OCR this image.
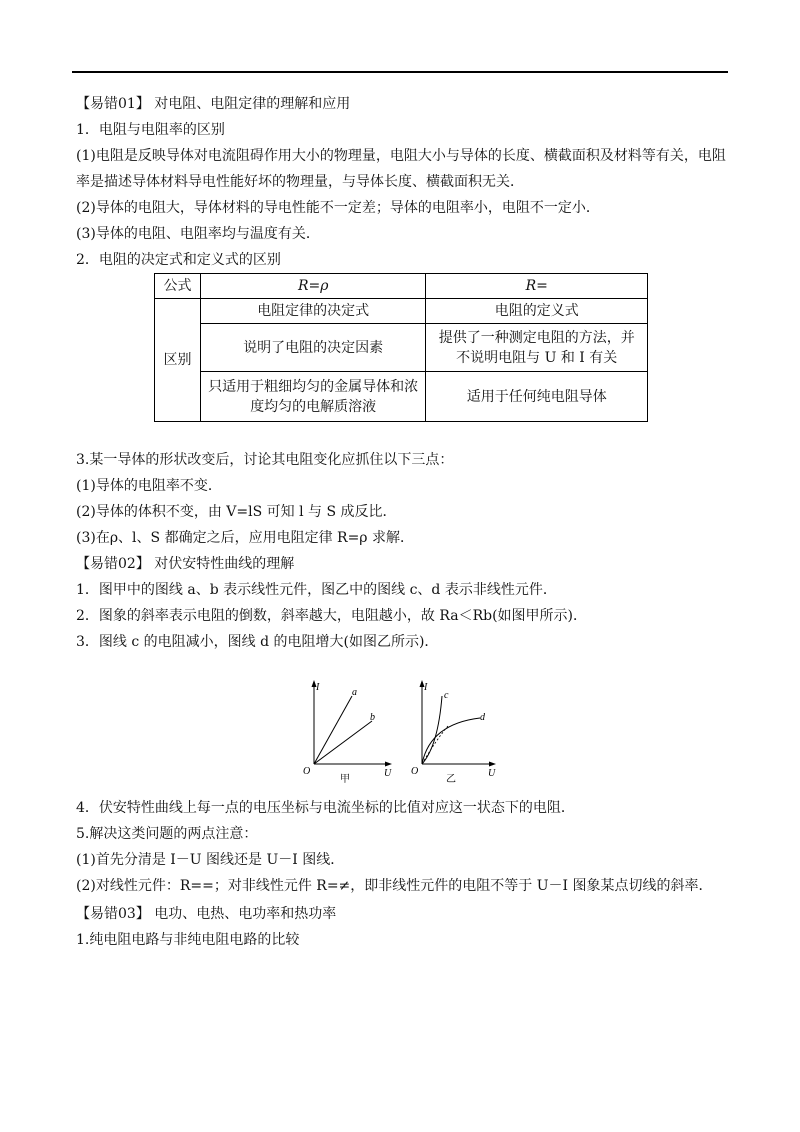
【易错01】 对电阻、电阻定律的理解和应用
1．电阻与电阻率的区别
(1)电阻是反映导体对电流阻碍作用大小的物理量，电阻大小与导体的长度、横截面积及材料等有关，电阻
率是描述导体材料导电性能好坏的物理量，与导体长度、横截面积无关．
(2)导体的电阻大，导体材料的导电性能不一定差；导体的电阻率小，电阻不一定小．
(3)导体的电阻、电阻率均与温度有关．
2．电阻的决定式和定义式的区别
公式	R=ρ	R=
区别	电阻定律的决定式	电阻的定义式
	说明了电阻的决定因素	提供了一种测定电阻的方法，并
不说明电阻与 U 和 I 有关

	只适用于粗细均匀的金属导体和浓
度均匀的电解质溶液	适用于任何纯电阻导体
3.某一导体的形状改变后，讨论其电阻变化应抓住以下三点：
(1)导体的电阻率不变．
(2)导体的体积不变，由 V=lS 可知 l 与 S 成反比．
(3)在ρ、l、S 都确定之后，应用电阻定律 R=ρ 求解．
【易错02】 对伏安特性曲线的理解
1．图甲中的图线 a、b 表示线性元件，图乙中的图线 c、d 表示非线性元件．
2．图象的斜率表示电阻的倒数，斜率越大，电阻越小，故 Ra＜Rb(如图甲所示)．
3．图线 c 的电阻减小，图线 d 的电阻增大(如图乙所示)．
I
U
O
a
b
甲
I
U
O
c
d
乙
4．伏安特性曲线上每一点的电压坐标与电流坐标的比值对应这一状态下的电阻．
5.解决这类问题的两点注意：
(1)首先分清是 I－U 图线还是 U－I 图线．
(2)对线性元件：R==；对非线性元件 R=≠，即非线性元件的电阻不等于 U－I 图象某点切线的斜率．
【易错03】 电功、电热、电功率和热功率
1.纯电阻电路与非纯电阻电路的比较
